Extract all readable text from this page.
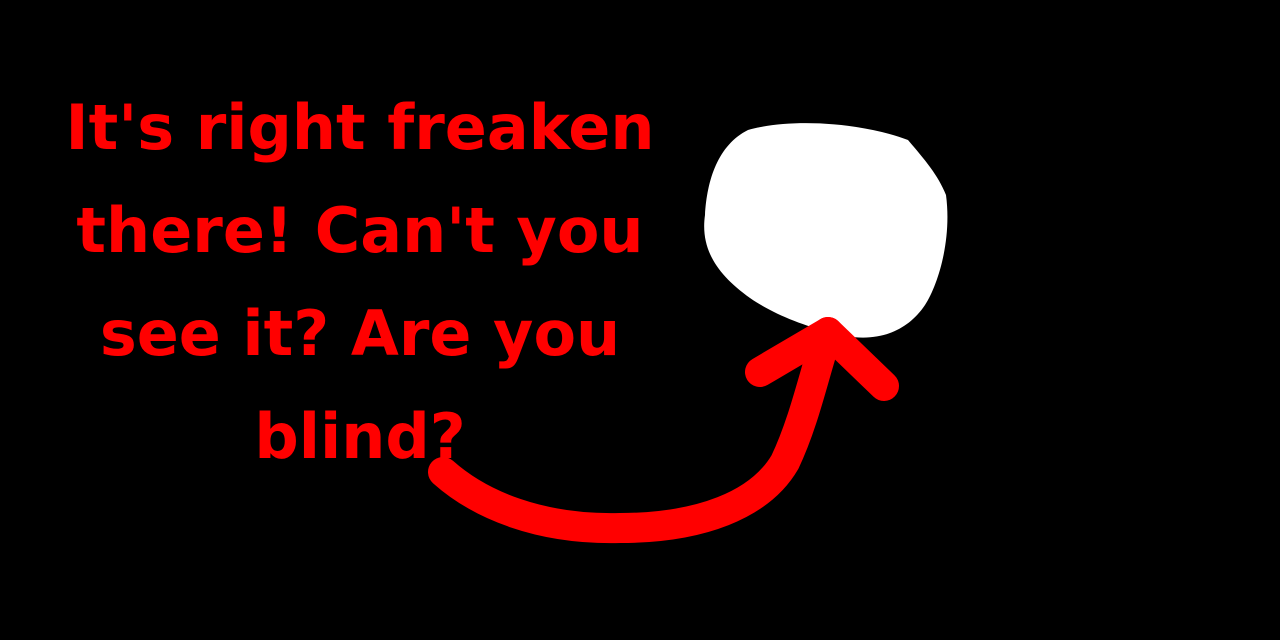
It's right freaken
there! Can't you
see it? Are you
blind?
